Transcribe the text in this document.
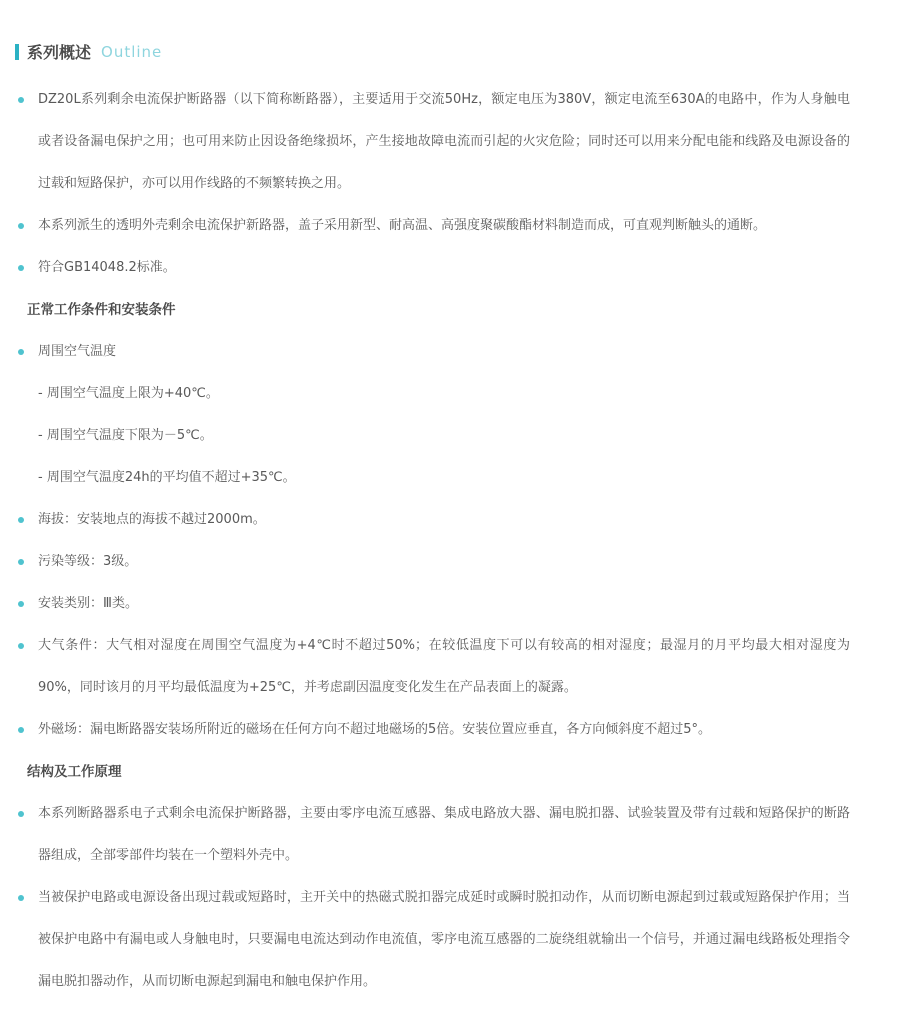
系列概述 Outline
DZ20L系列剩余电流保护断路器（以下简称断路器），主要适用于交流50Hz，额定电压为380V，额定电流至630A的电路中，作为人身触电或者设备漏电保护之用；也可用来防止因设备绝缘损坏，产生接地故障电流而引起的火灾危险；同时还可以用来分配电能和线路及电源设备的过载和短路保护，亦可以用作线路的不频繁转换之用。
本系列派生的透明外壳剩余电流保护新路器，盖子采用新型、耐高温、高强度聚碳酸酯材料制造而成，可直观判断触头的通断。
符合GB14048.2标准。
正常工作条件和安装条件
周围空气温度
- 周围空气温度上限为+40℃。
- 周围空气温度下限为－5℃。
- 周围空气温度24h的平均值不超过+35℃。
海拔：安装地点的海拔不越过2000m。
污染等级：3级。
安装类别：Ⅲ类。
大气条件：大气相对湿度在周围空气温度为+4℃时不超过50%；在较低温度下可以有较高的相对湿度；最湿月的月平均最大相对湿度为90%，同时该月的月平均最低温度为+25℃，并考虑副因温度变化发生在产品表面上的凝露。
外磁场：漏电断路器安装场所附近的磁场在任何方向不超过地磁场的5倍。安装位置应垂直，各方向倾斜度不超过5°。
结构及工作原理
本系列断路器系电子式剩余电流保护断路器，主要由零序电流互感器、集成电路放大器、漏电脱扣器、试验装置及带有过载和短路保护的断路器组成，全部零部件均装在一个塑料外壳中。
当被保护电路或电源设备出现过载或短路时，主开关中的热磁式脱扣器完成延时或瞬时脱扣动作，从而切断电源起到过载或短路保护作用；当被保护电路中有漏电或人身触电时，只要漏电电流达到动作电流值，零序电流互感器的二旋绕组就输出一个信号，并通过漏电线路板处理指令漏电脱扣器动作，从而切断电源起到漏电和触电保护作用。
